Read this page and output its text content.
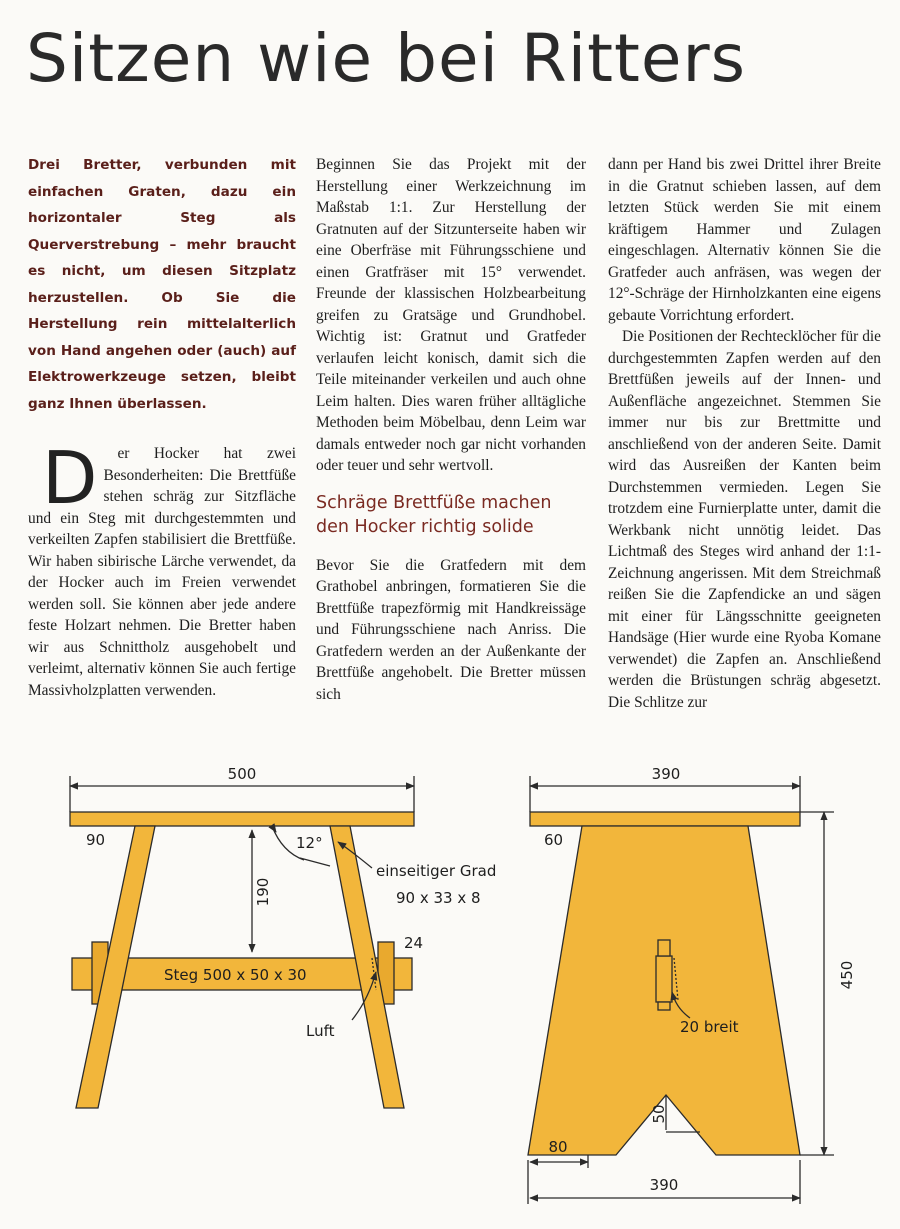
Sitzen wie bei Ritters

Drei Bretter, verbunden mit einfachen Graten, dazu ein horizontaler Steg als Querverstrebung – mehr braucht es nicht, um diesen Sitzplatz herzustellen. Ob Sie die Herstellung rein mittelalterlich von Hand angehen oder (auch) auf Elektrowerkzeuge setzen, bleibt ganz Ihnen überlassen.

D er Hocker hat zwei Besonderheiten: Die Brettfüße stehen schräg zur Sitzfläche und ein Steg mit durchgestemmten und verkeilten Zapfen stabilisiert die Brettfüße. Wir haben sibirische Lärche verwendet, da der Hocker auch im Freien verwendet werden soll. Sie können aber jede andere feste Holzart nehmen. Die Bretter haben wir aus Schnittholz ausgehobelt und verleimt, alternativ können Sie auch fertige Massivholzplatten verwenden.

Beginnen Sie das Projekt mit der Herstellung einer Werkzeichnung im Maßstab 1:1. Zur Herstellung der Gratnuten auf der Sitzunterseite haben wir eine Oberfräse mit Führungsschiene und einen Gratfräser mit 15° verwendet. Freunde der klassischen Holzbearbeitung greifen zu Gratsäge und Grundhobel. Wichtig ist: Gratnut und Gratfeder verlaufen leicht konisch, damit sich die Teile miteinander verkeilen und auch ohne Leim halten. Dies waren früher alltägliche Methoden beim Möbelbau, denn Leim war damals entweder noch gar nicht vorhanden oder teuer und sehr wertvoll.

Schräge Brettfüße machen den Hocker richtig solide

Bevor Sie die Gratfedern mit dem Grathobel anbringen, formatieren Sie die Brettfüße trapezförmig mit Handkreissäge und Führungsschiene nach Anriss. Die Gratfedern werden an der Außenkante der Brettfüße angehobelt. Die Bretter müssen sich

dann per Hand bis zwei Drittel ihrer Breite in die Gratnut schieben lassen, auf dem letzten Stück werden Sie mit einem kräftigem Hammer und Zulagen eingeschlagen. Alternativ können Sie die Gratfeder auch anfräsen, was wegen der 12°-Schräge der Hirnholzkanten eine eigens gebaute Vorrichtung erfordert.

Die Positionen der Rechtecklöcher für die durchgestemmten Zapfen werden auf den Brettfüßen jeweils auf der Innen- und Außenfläche angezeichnet. Stemmen Sie immer nur bis zur Brettmitte und anschließend von der anderen Seite. Damit wird das Ausreißen der Kanten beim Durchstemmen vermieden. Legen Sie trotzdem eine Furnierplatte unter, damit die Werkbank nicht unnötig leidet. Das Lichtmaß des Steges wird anhand der 1:1-Zeichnung angerissen. Mit dem Streichmaß reißen Sie die Zapfendicke an und sägen mit einer für Längsschnitte geeigneten Handsäge (Hier wurde eine Ryoba Komane verwendet) die Zapfen an. Anschließend werden die Brüstungen schräg abgesetzt. Die Schlitze zur

500
90	12°
190
einseitiger Grad
90 x 33 x 8
24
Steg 500 x 50 x 30
Luft
390
60
450
20 breit
50
80
390
